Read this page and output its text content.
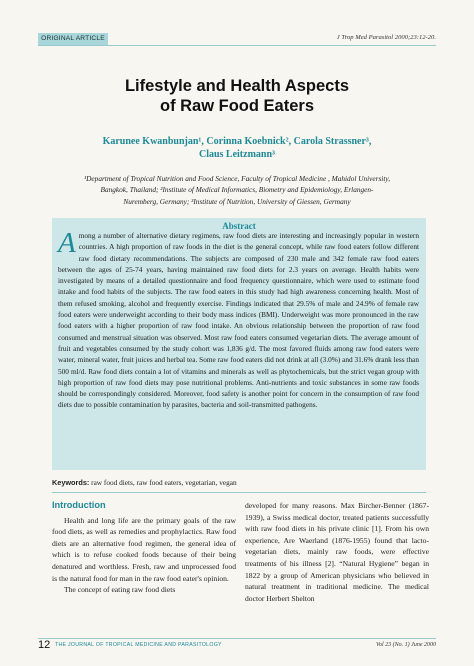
ORIGINAL ARTICLE	J Trop Med Parasitol 2000;23:12-20.
Lifestyle and Health Aspects
of Raw Food Eaters
Karunee Kwanbunjan¹, Corinna Koebnick², Carola Strassner³,
Claus Leitzmann³
¹Department of Tropical Nutrition and Food Science, Faculty of Tropical Medicine , Mahidol University,
Bangkok, Thailand; ²Institute of Medical Informatics, Biometry and Epidemiology, Erlangen-
Nuremberg, Germany; ³Institute of Nutrition, University of Giessen, Germany
Abstract
A mong a number of alternative dietary regimens, raw food diets are interesting and increasingly popular in western countries. A high proportion of raw foods in the diet is the general concept, while raw food eaters follow different raw food dietary recommendations. The subjects are composed of 230 male and 342 female raw food eaters between the ages of 25-74 years, having maintained raw food diets for 2.3 years on average. Health habits were investigated by means of a detailed questionnaire and food frequency questionnaire, which were used to estimate food intake and food habits of the subjects. The raw food eaters in this study had high awareness concerning health. Most of them refused smoking, alcohol and frequently exercise. Findings indicated that 29.5% of male and 24.9% of female raw food eaters were underweight according to their body mass indices (BMI). Underweight was more pronounced in the raw food eaters with a higher proportion of raw food intake. An obvious relationship between the proportion of raw food consumed and menstrual situation was observed. Most raw food eaters consumed vegetarian diets. The average amount of fruit and vegetables consumed by the study cohort was 1,836 g/d. The most favored fluids among raw food eaters were water, mineral water, fruit juices and herbal tea. Some raw food eaters did not drink at all (3.0%) and 31.6% drank less than 500 ml/d. Raw food diets contain a lot of vitamins and minerals as well as phytochemicals, but the strict vegan group with high proportion of raw food diets may pose nutritional problems. Anti-nutrients and toxic substances in some raw foods should be correspondingly considered. Moreover, food safety is another point for concern in the consumption of raw food diets due to possible contamination by parasites, bacteria and soil-transmitted pathogens.
Keywords: raw food diets, raw food eaters, vegetarian, vegan
Introduction

Health and long life are the primary goals of the raw food diets, as well as remedies and prophylactics. Raw food diets are an alternative food regimen, the general idea of which is to refuse cooked foods because of their being denatured and worthless. Fresh, raw and unprocessed food is the natural food for man in the raw food eater's opinion.

The concept of eating raw food diets

developed for many reasons. Max Bircher-Benner (1867-1939), a Swiss medical doctor, treated patients successfully with raw food diets in his private clinic [1]. From his own experience, Are Waerland (1876-1955) found that lacto-vegetarian diets, mainly raw foods, were effective treatments of his illness [2]. “Natural Hygiene” began in 1822 by a group of American physicians who believed in natural treatment in traditional medicine. The medical doctor Herbert Shelton
12 THE JOURNAL OF TROPICAL MEDICINE AND PARASITOLOGY	Vol 23 (No. 1) June 2000
